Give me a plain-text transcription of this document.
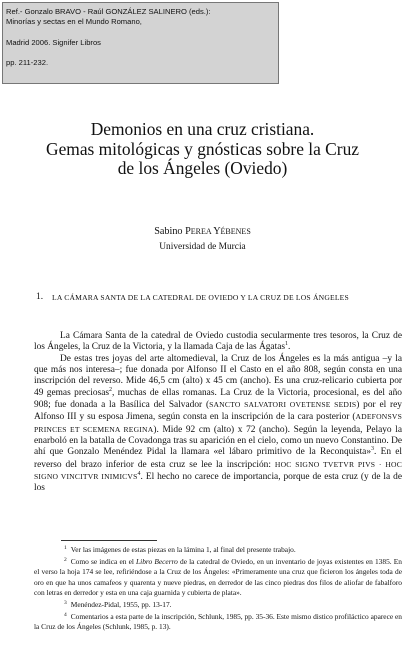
Ref.- Gonzalo BRAVO - Raúl GONZÁLEZ SALINERO (eds.):
Minorías y sectas en el Mundo Romano,
Madrid 2006. Signifer Libros
pp. 211-232.
Demonios en una cruz cristiana.
Gemas mitológicas y gnósticas sobre la Cruz
de los Ángeles (Oviedo)
Sabino PEREA YÉBENES
Universidad de Murcia
1.	LA CÁMARA SANTA DE LA CATEDRAL DE OVIEDO Y LA CRUZ DE LOS ÁNGELES

La Cámara Santa de la catedral de Oviedo custodia secularmente tres tesoros, la Cruz de los Ángeles, la Cruz de la Victoria, y la llamada Caja de las Ágatas$^1$.

De estas tres joyas del arte altomedieval, la Cruz de los Ángeles es la más antigua –y la que más nos interesa–; fue donada por Alfonso II el Casto en el año 808, según consta en una inscripción del reverso. Mide 46,5 cm (alto) x 45 cm (ancho). Es una cruz-relicario cubierta por 49 gemas preciosas$^2$, muchas de ellas romanas. La Cruz de la Victoria, procesional, es del año 908; fue donada a la Basílica del Salvador (SANCTO SALVATORI OVETENSE SEDIS) por el rey Alfonso III y su esposa Jimena, según consta en la inscripción de la cara posterior (ADEFONSVS PRINCES ET SCEMENA REGINA). Mide 92 cm (alto) x 72 (ancho). Según la leyenda, Pelayo la enarboló en la batalla de Covadonga tras su aparición en el cielo, como un nuevo Constantino. De ahí que Gonzalo Menéndez Pidal la llamara «el lábaro primitivo de la Reconquista»$^3$. En el reverso del brazo inferior de esta cruz se lee la inscripción: HOC SIGNO TVETVR PIVS · HOC SIGNO VINCITVR INIMICVS$^4$. El hecho no carece de importancia, porque de esta cruz (y de la de los

$^1$ Ver las imágenes de estas piezas en la lámina 1, al final del presente trabajo.

$^2$ Como se indica en el Libro Becerro de la catedral de Oviedo, en un inventario de joyas existentes en 1385. En el verso la hoja 174 se lee, refiriéndose a la Cruz de los Ángeles: «Primeramente una cruz que ficieron los ángeles toda de oro en que ha unos camafeos y quarenta y nueve piedras, en derredor de las cinco piedras dos filos de aliofar de fabalforo con letras en derredor y esta en una caja guarnida y cubierta de plata».

$^3$ Menéndez-Pidal, 1955, pp. 13-17.

$^4$ Comentarios a esta parte de la inscripción, Schlunk, 1985, pp. 35-36. Este mismo distico profiláctico aparece en la Cruz de los Ángeles (Schlunk, 1985, p. 13).
